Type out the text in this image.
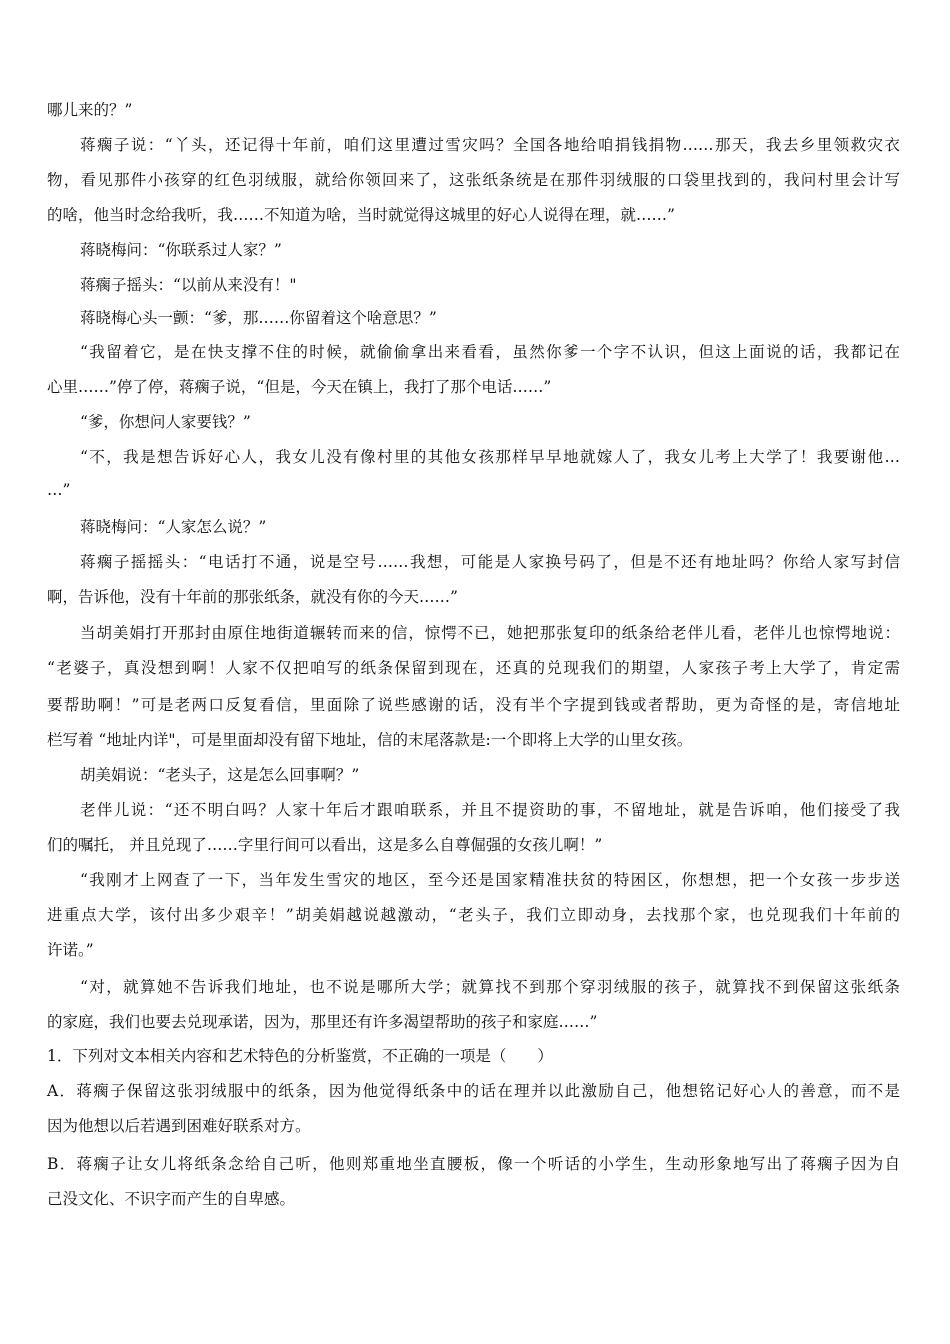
哪儿来的？”
蒋瘸子说：“丫头，还记得十年前，咱们这里遭过雪灾吗？全国各地给咱捐钱捐物……那天，我去乡里领救灾衣
物，看见那件小孩穿的红色羽绒服，就给你领回来了，这张纸条统是在那件羽绒服的口袋里找到的，我问村里会计写
的啥，他当时念给我听，我……不知道为啥，当时就觉得这城里的好心人说得在理，就……”
蒋晓梅问：“你联系过人家？”
蒋瘸子摇头：“以前从来没有！"
蒋晓梅心头一颤：“爹，那……你留着这个啥意思？”
“我留着它，是在快支撑不住的时候，就偷偷拿出来看看，虽然你爹一个字不认识，但这上面说的话，我都记在
心里……”停了停，蒋瘸子说，“但是，今天在镇上，我打了那个电话……”
“爹，你想问人家要钱？”
“不，我是想告诉好心人，我女儿没有像村里的其他女孩那样早早地就嫁人了，我女儿考上大学了！我要谢他…
…”
蒋晓梅问：“人家怎么说？”
蒋瘸子摇摇头：“电话打不通，说是空号……我想，可能是人家换号码了，但是不还有地址吗？你给人家写封信
啊，告诉他，没有十年前的那张纸条，就没有你的今天……”
当胡美娟打开那封由原住地街道辗转而来的信，惊愕不已，她把那张复印的纸条给老伴儿看，老伴儿也惊愕地说：
“老婆子，真没想到啊！人家不仅把咱写的纸条保留到现在，还真的兑现我们的期望，人家孩子考上大学了，肯定需
要帮助啊！”可是老两口反复看信，里面除了说些感谢的话，没有半个字提到钱或者帮助，更为奇怪的是，寄信地址
栏写着 “地址内详"，可是里面却没有留下地址，信的末尾落款是:一个即将上大学的山里女孩。
胡美娟说：“老头子，这是怎么回事啊？”
老伴儿说：“还不明白吗？人家十年后才跟咱联系，并且不提资助的事，不留地址，就是告诉咱，他们接受了我
们的嘱托， 并且兑现了……字里行间可以看出，这是多么自尊倔强的女孩儿啊！”
“我刚才上网查了一下，当年发生雪灾的地区，至今还是国家精准扶贫的特困区，你想想，把一个女孩一步步送
进重点大学，该付出多少艰辛！”胡美娟越说越激动，“老头子，我们立即动身，去找那个家，也兑现我们十年前的
许诺。”
“对，就算她不告诉我们地址，也不说是哪所大学；就算找不到那个穿羽绒服的孩子，就算找不到保留这张纸条
的家庭，我们也要去兑现承诺，因为，那里还有许多渴望帮助的孩子和家庭……”
1．下列对文本相关内容和艺术特色的分析鉴赏，不正确的一项是（　　）
A．蒋瘸子保留这张羽绒服中的纸条，因为他觉得纸条中的话在理并以此激励自己，他想铭记好心人的善意，而不是
因为他想以后若遇到困难好联系对方。
B．蒋瘸子让女儿将纸条念给自己听，他则郑重地坐直腰板，像一个听话的小学生，生动形象地写出了蒋瘸子因为自
己没文化、不识字而产生的自卑感。
